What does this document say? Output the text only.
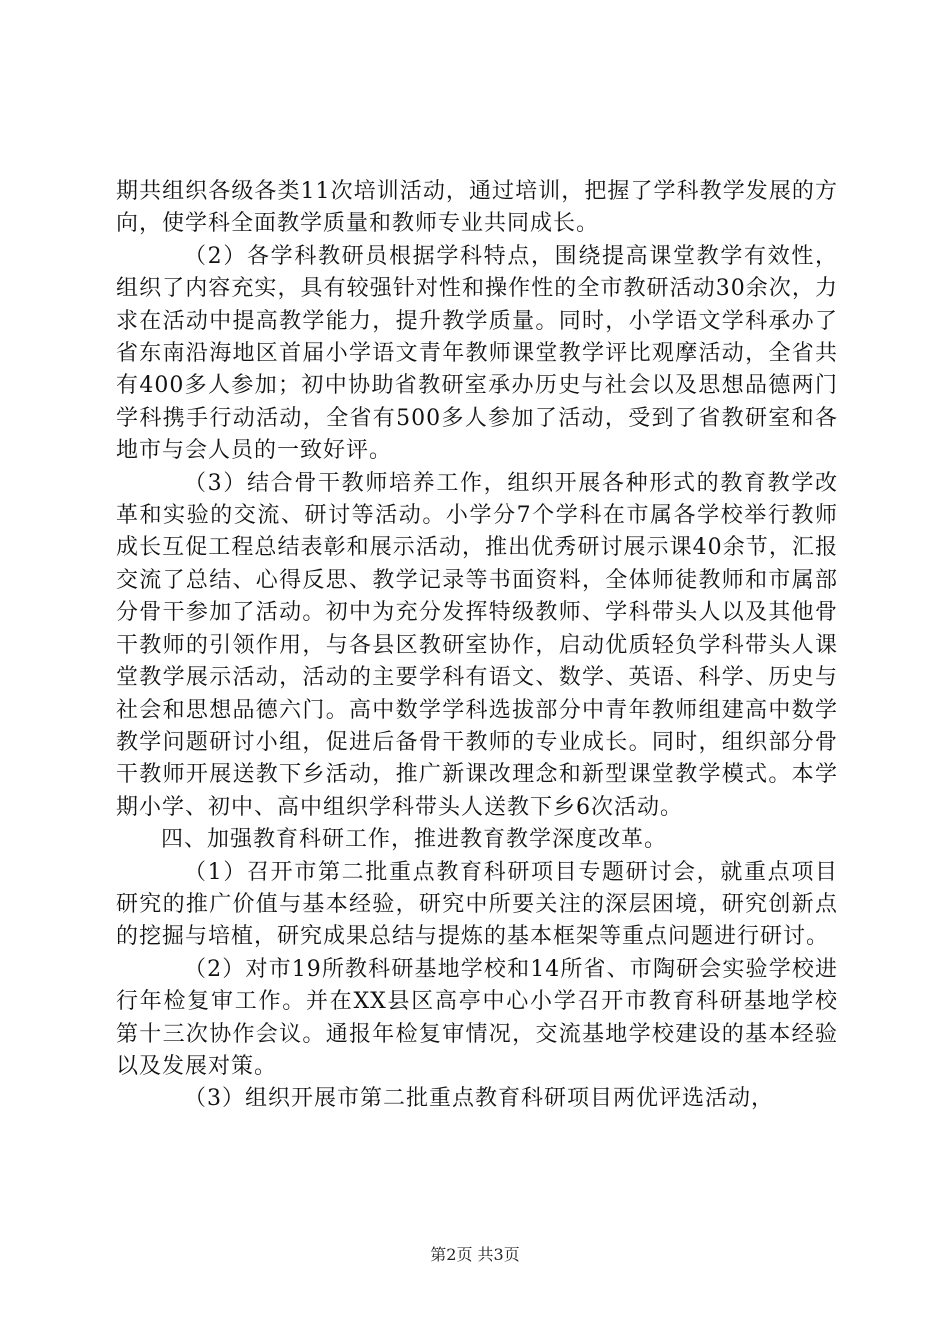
期共组织各级各类11次培训活动，通过培训，把握了学科教学发展的方向，使学科全面教学质量和教师专业共同成长。

（2）各学科教研员根据学科特点，围绕提高课堂教学有效性，组织了内容充实，具有较强针对性和操作性的全市教研活动30余次，力求在活动中提高教学能力，提升教学质量。同时，小学语文学科承办了省东南沿海地区首届小学语文青年教师课堂教学评比观摩活动，全省共有400多人参加；初中协助省教研室承办历史与社会以及思想品德两门学科携手行动活动，全省有500多人参加了活动，受到了省教研室和各地市与会人员的一致好评。

（3）结合骨干教师培养工作，组织开展各种形式的教育教学改革和实验的交流、研讨等活动。小学分7个学科在市属各学校举行教师成长互促工程总结表彰和展示活动，推出优秀研讨展示课40余节，汇报交流了总结、心得反思、教学记录等书面资料，全体师徒教师和市属部分骨干参加了活动。初中为充分发挥特级教师、学科带头人以及其他骨干教师的引领作用，与各县区教研室协作，启动优质轻负学科带头人课堂教学展示活动，活动的主要学科有语文、数学、英语、科学、历史与社会和思想品德六门。高中数学学科选拔部分中青年教师组建高中数学教学问题研讨小组，促进后备骨干教师的专业成长。同时，组织部分骨干教师开展送教下乡活动，推广新课改理念和新型课堂教学模式。本学期小学、初中、高中组织学科带头人送教下乡6次活动。

四、加强教育科研工作，推进教育教学深度改革。

（1）召开市第二批重点教育科研项目专题研讨会，就重点项目研究的推广价值与基本经验，研究中所要关注的深层困境，研究创新点的挖掘与培植，研究成果总结与提炼的基本框架等重点问题进行研讨。

（2）对市19所教科研基地学校和14所省、市陶研会实验学校进行年检复审工作。并在XX县区高亭中心小学召开市教育科研基地学校第十三次协作会议。通报年检复审情况，交流基地学校建设的基本经验以及发展对策。

（3）组织开展市第二批重点教育科研项目两优评选活动，

第2页 共3页
